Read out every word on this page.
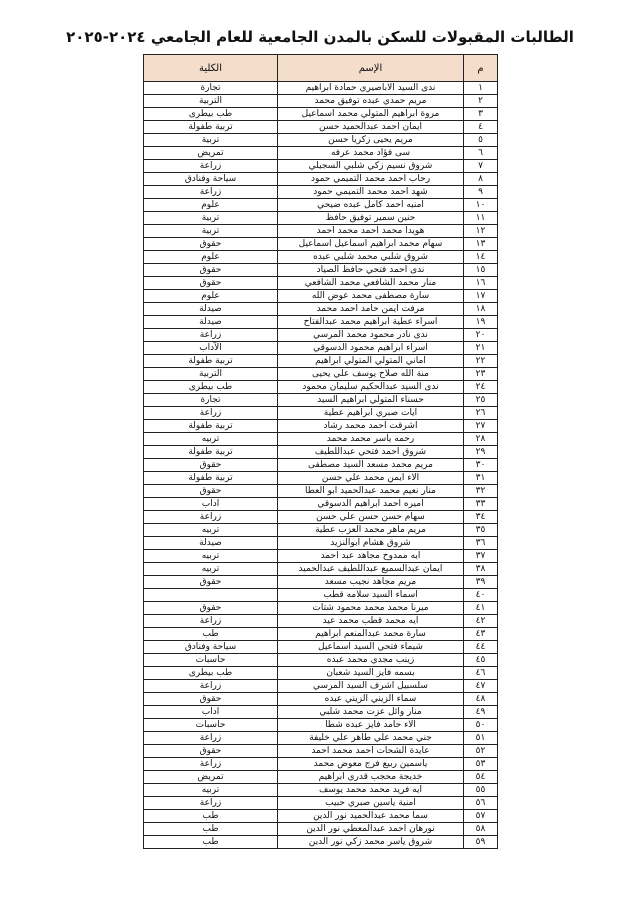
الطالبات المقبولات للسكن بالمدن الجامعية للعام الجامعي ٢٠٢٤-٢٠٢٥
م	الإسم	الكلية
١	ندى السيد الاباصيري حمادة ابراهيم	تجارة
٢	مريم حمدي عبده توفيق محمد	التربية
٣	مروة ابراهيم المتولي محمد اسماعيل	طب بيطرى
٤	ايمان احمد عبدالحميد حسن	تربية طفولة
٥	مريم يحيى زكريا حسن	تربية
٦	سى فؤاد محمد عرفه	تمريض
٧	شروق نسيم زكي شلبي السجيلي	زراعة
٨	رحاب احمد محمد التميمي حمود	سياحة وفنادق
٩	شهد احمد محمد التميمي حمود	زراعة
١٠	امنيه احمد كامل عبده ضيحي	علوم
١١	حنين سمير توفيق حافظ	تربية
١٢	هويدا محمد احمد محمد احمد	تربية
١٣	سهام محمد ابراهيم اسماعيل اسماعيل	حقوق
١٤	شروق شلبي محمد شلبي عبده	علوم
١٥	ندى احمد فتحي حافظ الصياد	حقوق
١٦	منار محمد الشافعي محمد الشافعي	حقوق
١٧	سارة مصطفى محمد عوض الله	علوم
١٨	مرفت ايمن حامد احمد محمد	صيدلة
١٩	اسراء عطية ابراهيم محمد عبدالفتاح	صيدلة
٢٠	ندى نادر محمود محمد المرسي	زراعة
٢١	اسراء ابراهيم محمود الدسوقي	الآداب
٢٢	اماني المتولي المتولي ابراهيم	تربية طفولة
٢٣	منة الله صلاح يوسف علي يحيى	التربية
٢٤	ندى السيد عبدالحكيم سليمان محمود	طب بيطرى
٢٥	حسناء المتولي ابراهيم السيد	تجارة
٢٦	ايات صبري ابراهيم عطية	زراعة
٢٧	اشرقت احمد محمد رشاد	تربية طفولة
٢٨	رحمه ياسر محمد محمد	تربيه
٢٩	شروق احمد فتحي عبداللطيف	تربية طفولة
٣٠	مريم محمد مسعد السيد مصطفى	حقوق
٣١	الاء ايمن محمد علي حسن	تربية طفولة
٣٢	منار نعيم محمد عبدالحميد ابو العطا	حقوق
٣٣	اميره احمد ابراهيم الدسوقي	اداب
٣٤	سهام حسن حسن علي حسن	زراعة
٣٥	مريم ماهر محمد العزب عطية	تربيه
٣٦	شروق هشام ابوالنزيد	صيدلة
٣٧	ايه ممدوح مجاهد عبد احمد	تربيه
٣٨	ايمان عبدالسميع عبداللطيف عبدالحميد	تربيه
٣٩	مريم مجاهد نجيب مسعد	حقوق
٤٠	اسماء السيد سلامه قطب	
٤١	ميرنا محمد محمد محمود شتات	حقوق
٤٢	ايه محمد قطب محمد عيد	زراعة
٤٣	سارة محمد عبدالمنعم ابراهيم	طب
٤٤	شيماء فتحي السيد اسماعيل	سياحة وفنادق
٤٥	زينب مجدي محمد عبده	حاسبات
٤٦	بسمه فايز السيد شعبان	طب بيطرى
٤٧	سلسبيل اشرف السيد المرسي	زراعة
٤٨	سماء الزيني الزيني عبده	حقوق
٤٩	منار وائل عزت محمد شلبي	اداب
٥٠	الاء حامد فايز عبده شطا	حاسبات
٥١	جني محمد علي طاهر علي خليفة	زراعة
٥٢	عايدة الشحات احمد محمد احمد	حقوق
٥٣	ياسمين ربيع فرج معوض محمد	زراعة
٥٤	خديجة محجب قدري ابراهيم	تمريض
٥٥	ايه فريد محمد محمد يوسف	تربيه
٥٦	امنية ياسين صبري حبيب	زراعة
٥٧	سما محمد عبدالحميد نور الدين	طب
٥٨	نورهان احمد عبدالمعطي نور الدين	طب
٥٩	شروق ياسر محمد زكي نور الدين	طب
